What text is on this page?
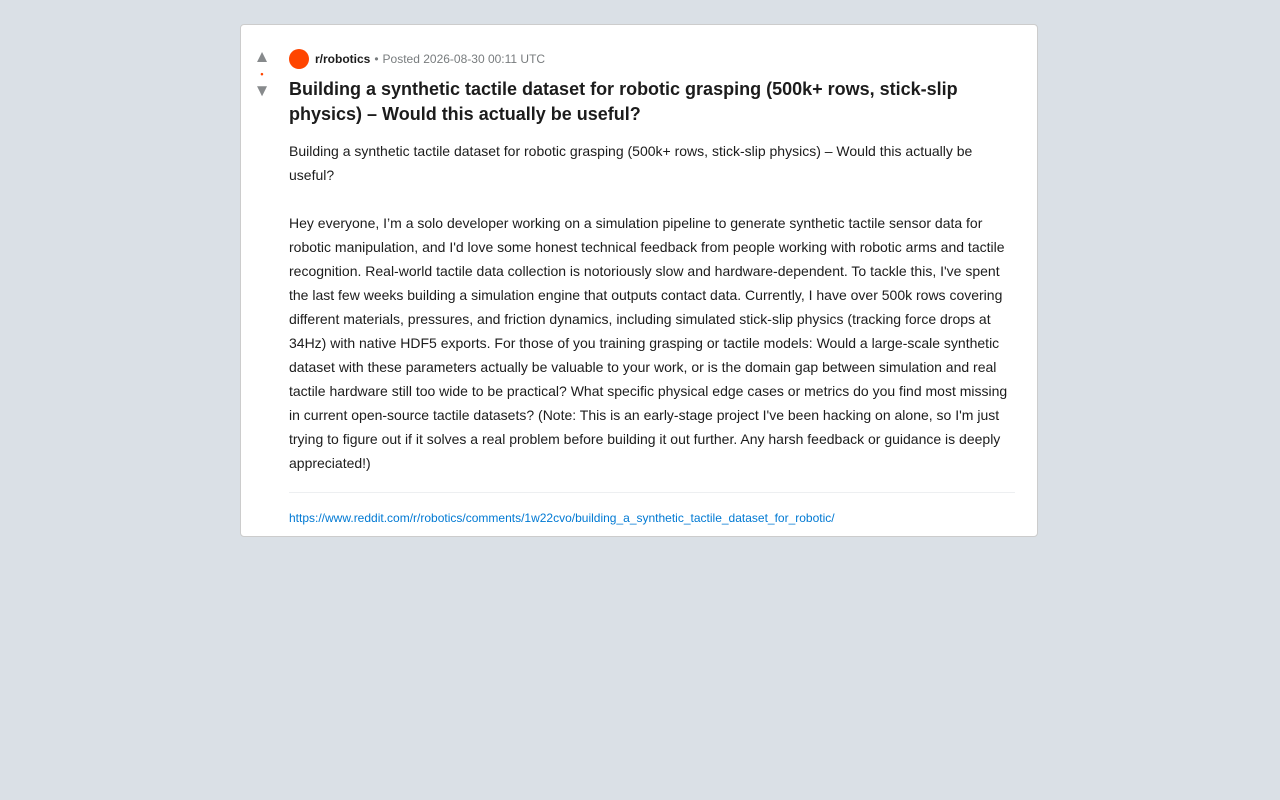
▲
•
▼
r/robotics • Posted 2026-08-30 00:11 UTC
Building a synthetic tactile dataset for robotic grasping (500k+ rows, stick-slip physics) – Would this actually be useful?

Building a synthetic tactile dataset for robotic grasping (500k+ rows, stick-slip physics) – Would this actually be useful?

Hey everyone, I’m a solo developer working on a simulation pipeline to generate synthetic tactile sensor data for robotic manipulation, and I'd love some honest technical feedback from people working with robotic arms and tactile recognition. Real-world tactile data collection is notoriously slow and hardware-dependent. To tackle this, I've spent the last few weeks building a simulation engine that outputs contact data. Currently, I have over 500k rows covering different materials, pressures, and friction dynamics, including simulated stick-slip physics (tracking force drops at 34Hz) with native HDF5 exports. For those of you training grasping or tactile models: Would a large-scale synthetic dataset with these parameters actually be valuable to your work, or is the domain gap between simulation and real tactile hardware still too wide to be practical? What specific physical edge cases or metrics do you find most missing in current open-source tactile datasets? (Note: This is an early-stage project I've been hacking on alone, so I'm just trying to figure out if it solves a real problem before building it out further. Any harsh feedback or guidance is deeply appreciated!)

https://www.reddit.com/r/robotics/comments/1w22cvo/building_a_synthetic_tactile_dataset_for_robotic/
